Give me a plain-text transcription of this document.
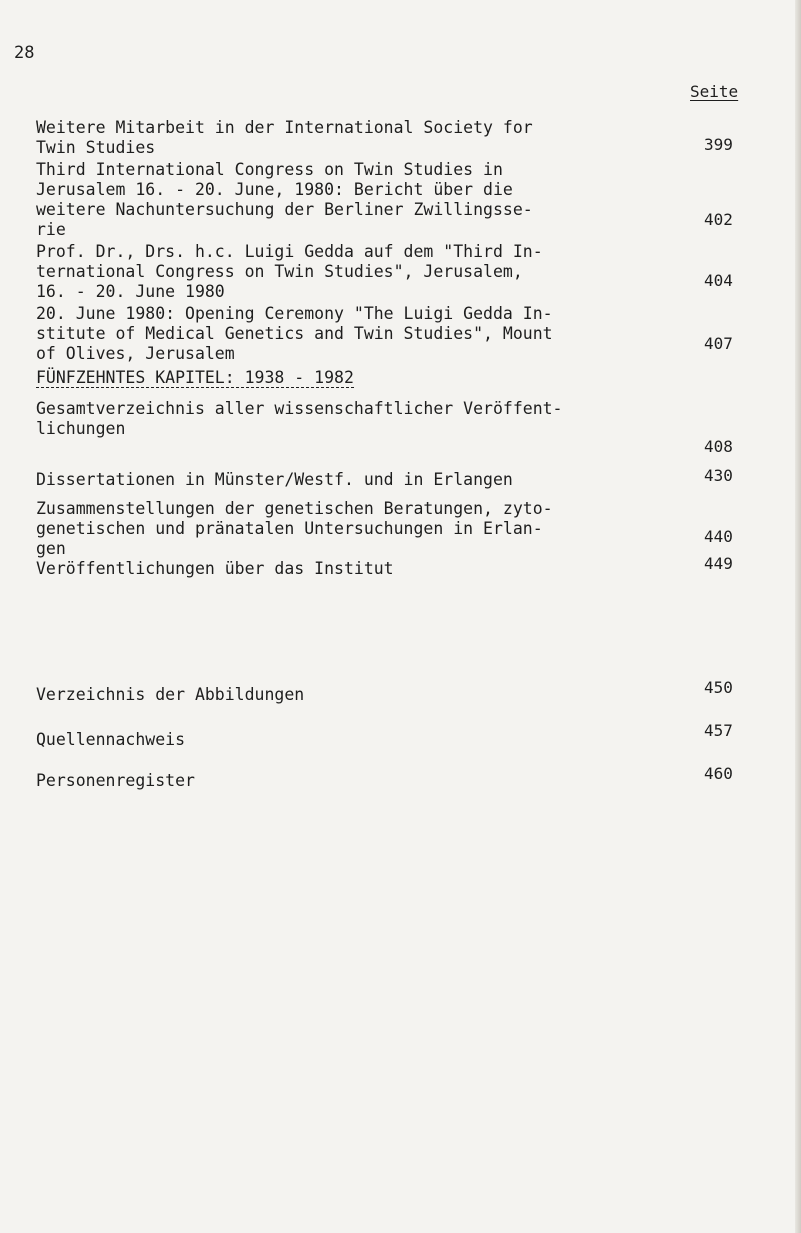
28
Seite
Weitere Mitarbeit in der International Society for
Twin Studies	399
Third International Congress on Twin Studies in
Jerusalem 16. - 20. June, 1980: Bericht über die
weitere Nachuntersuchung der Berliner Zwillingsse-
rie
402
Prof. Dr., Drs. h.c. Luigi Gedda auf dem "Third In-
ternational Congress on Twin Studies", Jerusalem,
16. - 20. June 1980
404
20. June 1980: Opening Ceremony "The Luigi Gedda In-
stitute of Medical Genetics and Twin Studies", Mount
of Olives, Jerusalem
407
FÜNFZEHNTES KAPITEL: 1938 - 1982
Gesamtverzeichnis aller wissenschaftlicher Veröffent-
lichungen
408
Dissertationen in Münster/Westf. und in Erlangen	430
Zusammenstellungen der genetischen Beratungen, zyto-
genetischen und pränatalen Untersuchungen in Erlan-
gen
440
Veröffentlichungen über das Institut	449
Verzeichnis der Abbildungen	450
Quellennachweis	457
Personenregister	460
